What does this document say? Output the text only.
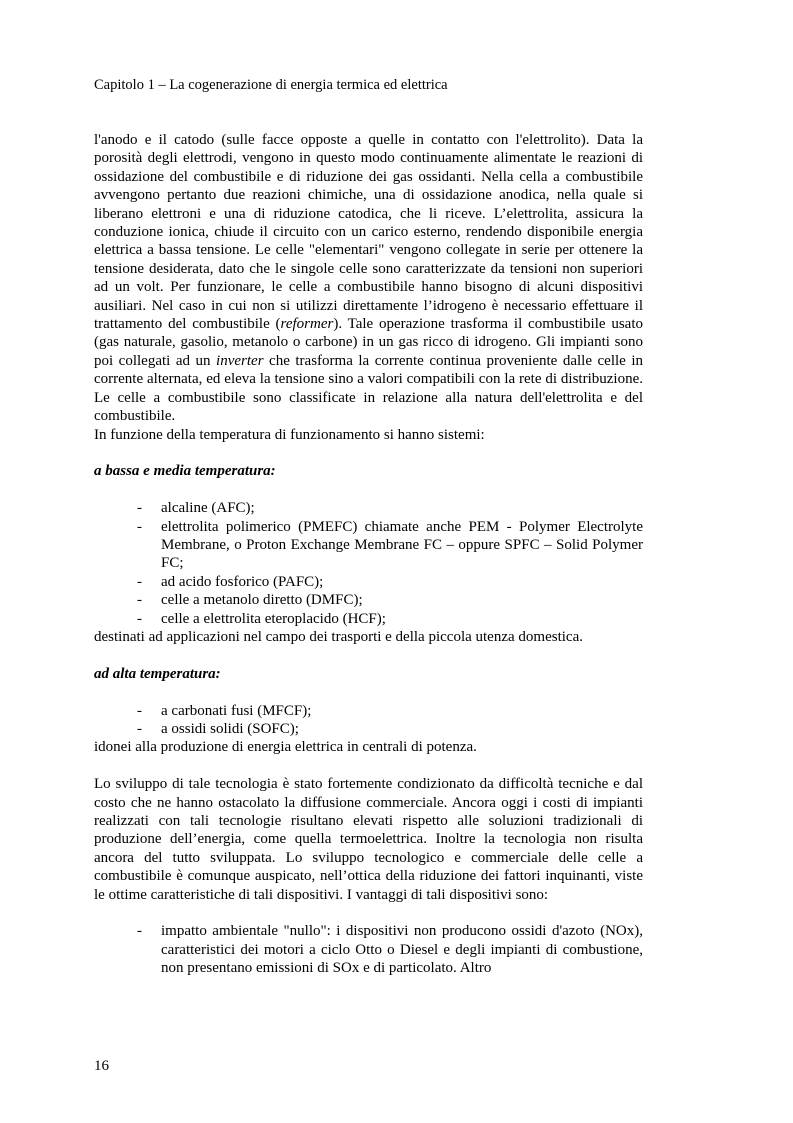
Capitolo 1 – La cogenerazione di energia termica ed elettrica

l'anodo e il catodo (sulle facce opposte a quelle in contatto con l'elettrolito). Data la porosità degli elettrodi, vengono in questo modo continuamente alimentate le reazioni di ossidazione del combustibile e di riduzione dei gas ossidanti. Nella cella a combustibile avvengono pertanto due reazioni chimiche, una di ossidazione anodica, nella quale si liberano elettroni e una di riduzione catodica, che li riceve. L’elettrolita, assicura la conduzione ionica, chiude il circuito con un carico esterno, rendendo disponibile energia elettrica a bassa tensione. Le celle "elementari" vengono collegate in serie per ottenere la tensione desiderata, dato che le singole celle sono caratterizzate da tensioni non superiori ad un volt. Per funzionare, le celle a combustibile hanno bisogno di alcuni dispositivi ausiliari. Nel caso in cui non si utilizzi direttamente l’idrogeno è necessario effettuare il trattamento del combustibile (reformer). Tale operazione trasforma il combustibile usato (gas naturale, gasolio, metanolo o carbone) in un gas ricco di idrogeno. Gli impianti sono poi collegati ad un inverter che trasforma la corrente continua proveniente dalle celle in corrente alternata, ed eleva la tensione sino a valori compatibili con la rete di distribuzione. Le celle a combustibile sono classificate in relazione alla natura dell'elettrolita e del combustibile.

In funzione della temperatura di funzionamento si hanno sistemi:

a bassa e media temperatura:

- alcaline (AFC);
- elettrolita polimerico (PMEFC) chiamate anche PEM - Polymer Electrolyte Membrane, o Proton Exchange Membrane FC – oppure SPFC – Solid Polymer FC;
- ad acido fosforico (PAFC);
- celle a metanolo diretto (DMFC);
- celle a elettrolita eteroplacido (HCF);

destinati ad applicazioni nel campo dei trasporti e della piccola utenza domestica.

ad alta temperatura:

- a carbonati fusi (MFCF);
- a ossidi solidi (SOFC);

idonei alla produzione di energia elettrica in centrali di potenza.

Lo sviluppo di tale tecnologia è stato fortemente condizionato da difficoltà tecniche e dal costo che ne hanno ostacolato la diffusione commerciale. Ancora oggi i costi di impianti realizzati con tali tecnologie risultano elevati rispetto alle soluzioni tradizionali di produzione dell’energia, come quella termoelettrica. Inoltre la tecnologia non risulta ancora del tutto sviluppata. Lo sviluppo tecnologico e commerciale delle celle a combustibile è comunque auspicato, nell’ottica della riduzione dei fattori inquinanti, viste le ottime caratteristiche di tali dispositivi. I vantaggi di tali dispositivi sono:

- impatto ambientale "nullo": i dispositivi non producono ossidi d'azoto (NOx), caratteristici dei motori a ciclo Otto o Diesel e degli impianti di combustione, non presentano emissioni di SOx e di particolato. Altro
16
